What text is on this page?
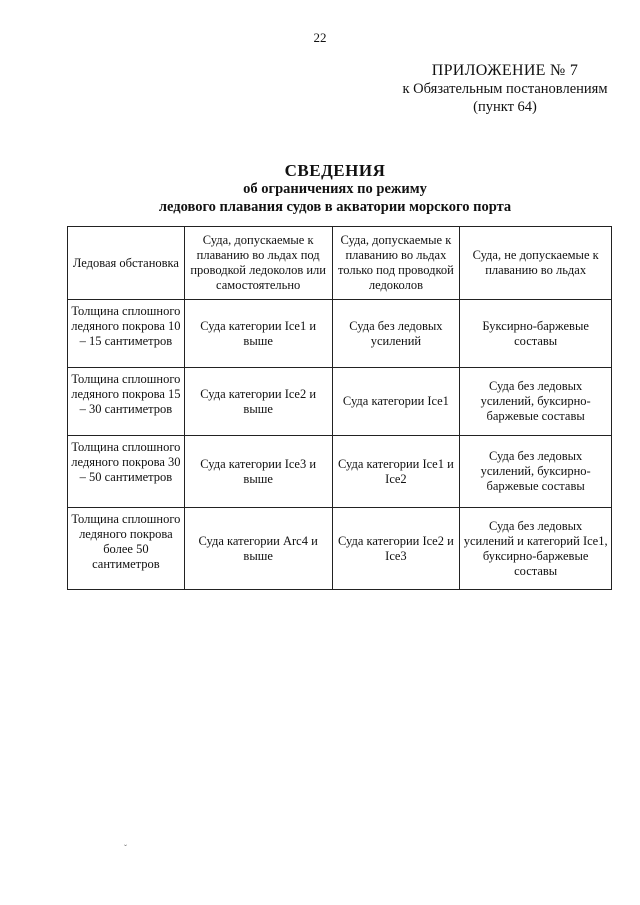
22
ПРИЛОЖЕНИЕ № 7
к Обязательным постановлениям
(пункт 64)
СВЕДЕНИЯ
об ограничениях по режиму
ледового плавания судов в акватории морского порта
Ледовая обстановка	Суда, допускаемые к плаванию во льдах под проводкой ледоколов или самостоятельно	Суда, допускаемые к плаванию во льдах только под проводкой ледоколов	Суда, не допускаемые к плаванию во льдах
Толщина сплошного ледяного покрова 10 – 15 сантиметров	Суда категории Ice1 и выше	Суда без ледовых усилений	Буксирно-баржевые составы
Толщина сплошного ледяного покрова 15 – 30 сантиметров	Суда категории Ice2 и выше	Суда категории Ice1	Суда без ледовых усилений, буксирно-баржевые составы
Толщина сплошного ледяного покрова 30 – 50 сантиметров	Суда категории Ice3 и выше	Суда категории Ice1 и Ice2	Суда без ледовых усилений, буксирно-баржевые составы
Толщина сплошного ледяного покрова более 50 сантиметров	Суда категории Arc4 и выше	Суда категории Ice2 и Ice3	Суда без ледовых усилений и категорий Ice1, буксирно-баржевые составы
ˇ
